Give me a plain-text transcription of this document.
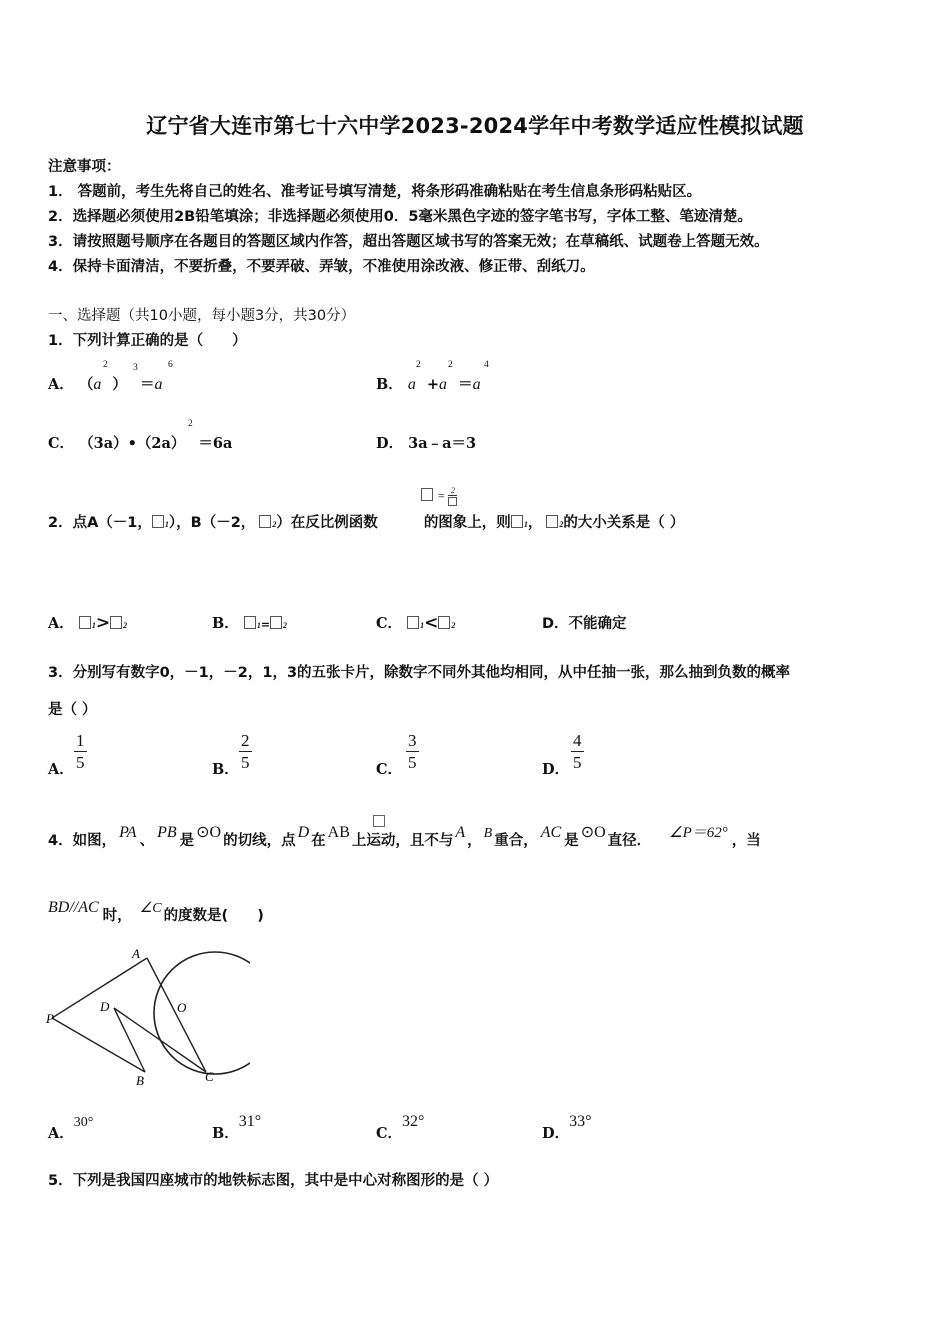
辽宁省大连市第七十六中学2023-2024学年中考数学适应性模拟试题
注意事项：
1． 答题前，考生先将自己的姓名、准考证号填写清楚，将条形码准确粘贴在考生信息条形码粘贴区。
2．选择题必须使用2B铅笔填涂；非选择题必须使用0．5毫米黑色字迹的签字笔书写，字体工整、笔迹清楚。
3．请按照题号顺序在各题目的答题区域内作答，超出答题区域书写的答案无效；在草稿纸、试题卷上答题无效。
4．保持卡面清洁，不要折叠，不要弄破、弄皱，不准使用涂改液、修正带、刮纸刀。
一、选择题（共10小题，每小题3分，共30分）
1．下列计算正确的是（　　）
A． （a
2
）
3
＝a
6
B． a
2
+a
2
＝a
4
C． （3a）•（2a）
2
＝6a	D． 3a﹣a＝3
2．点A（－1， 1），B（－2， 2）在反比例函数	的图象上，则 1， 2的大小关系是（ ）
= 2
A． 1> 2	B． 1= 2	C． 1< 2	D．不能确定
3．分别写有数字0，－1，－2，1，3的五张卡片，除数字不同外其他均相同，从中任抽一张，那么抽到负数的概率
是（ ）
A． $\frac{1}{5}$	B． $\frac{2}{5}$	C． $\frac{3}{5}$	D． $\frac{4}{5}$
4．如图， PA 、 PB 是 ⊙O 的切线，点 D 在 AB 上运动，且不与 A ， B 重合， AC 是 ⊙O 直径． ∠P＝62° ，当
BD//AC 时， ∠C 的度数是(　　)
A
O
P
D
B	C
A．30°
B．31°
C．32°
D．33°
5．下列是我国四座城市的地铁标志图，其中是中心对称图形的是（ ）
